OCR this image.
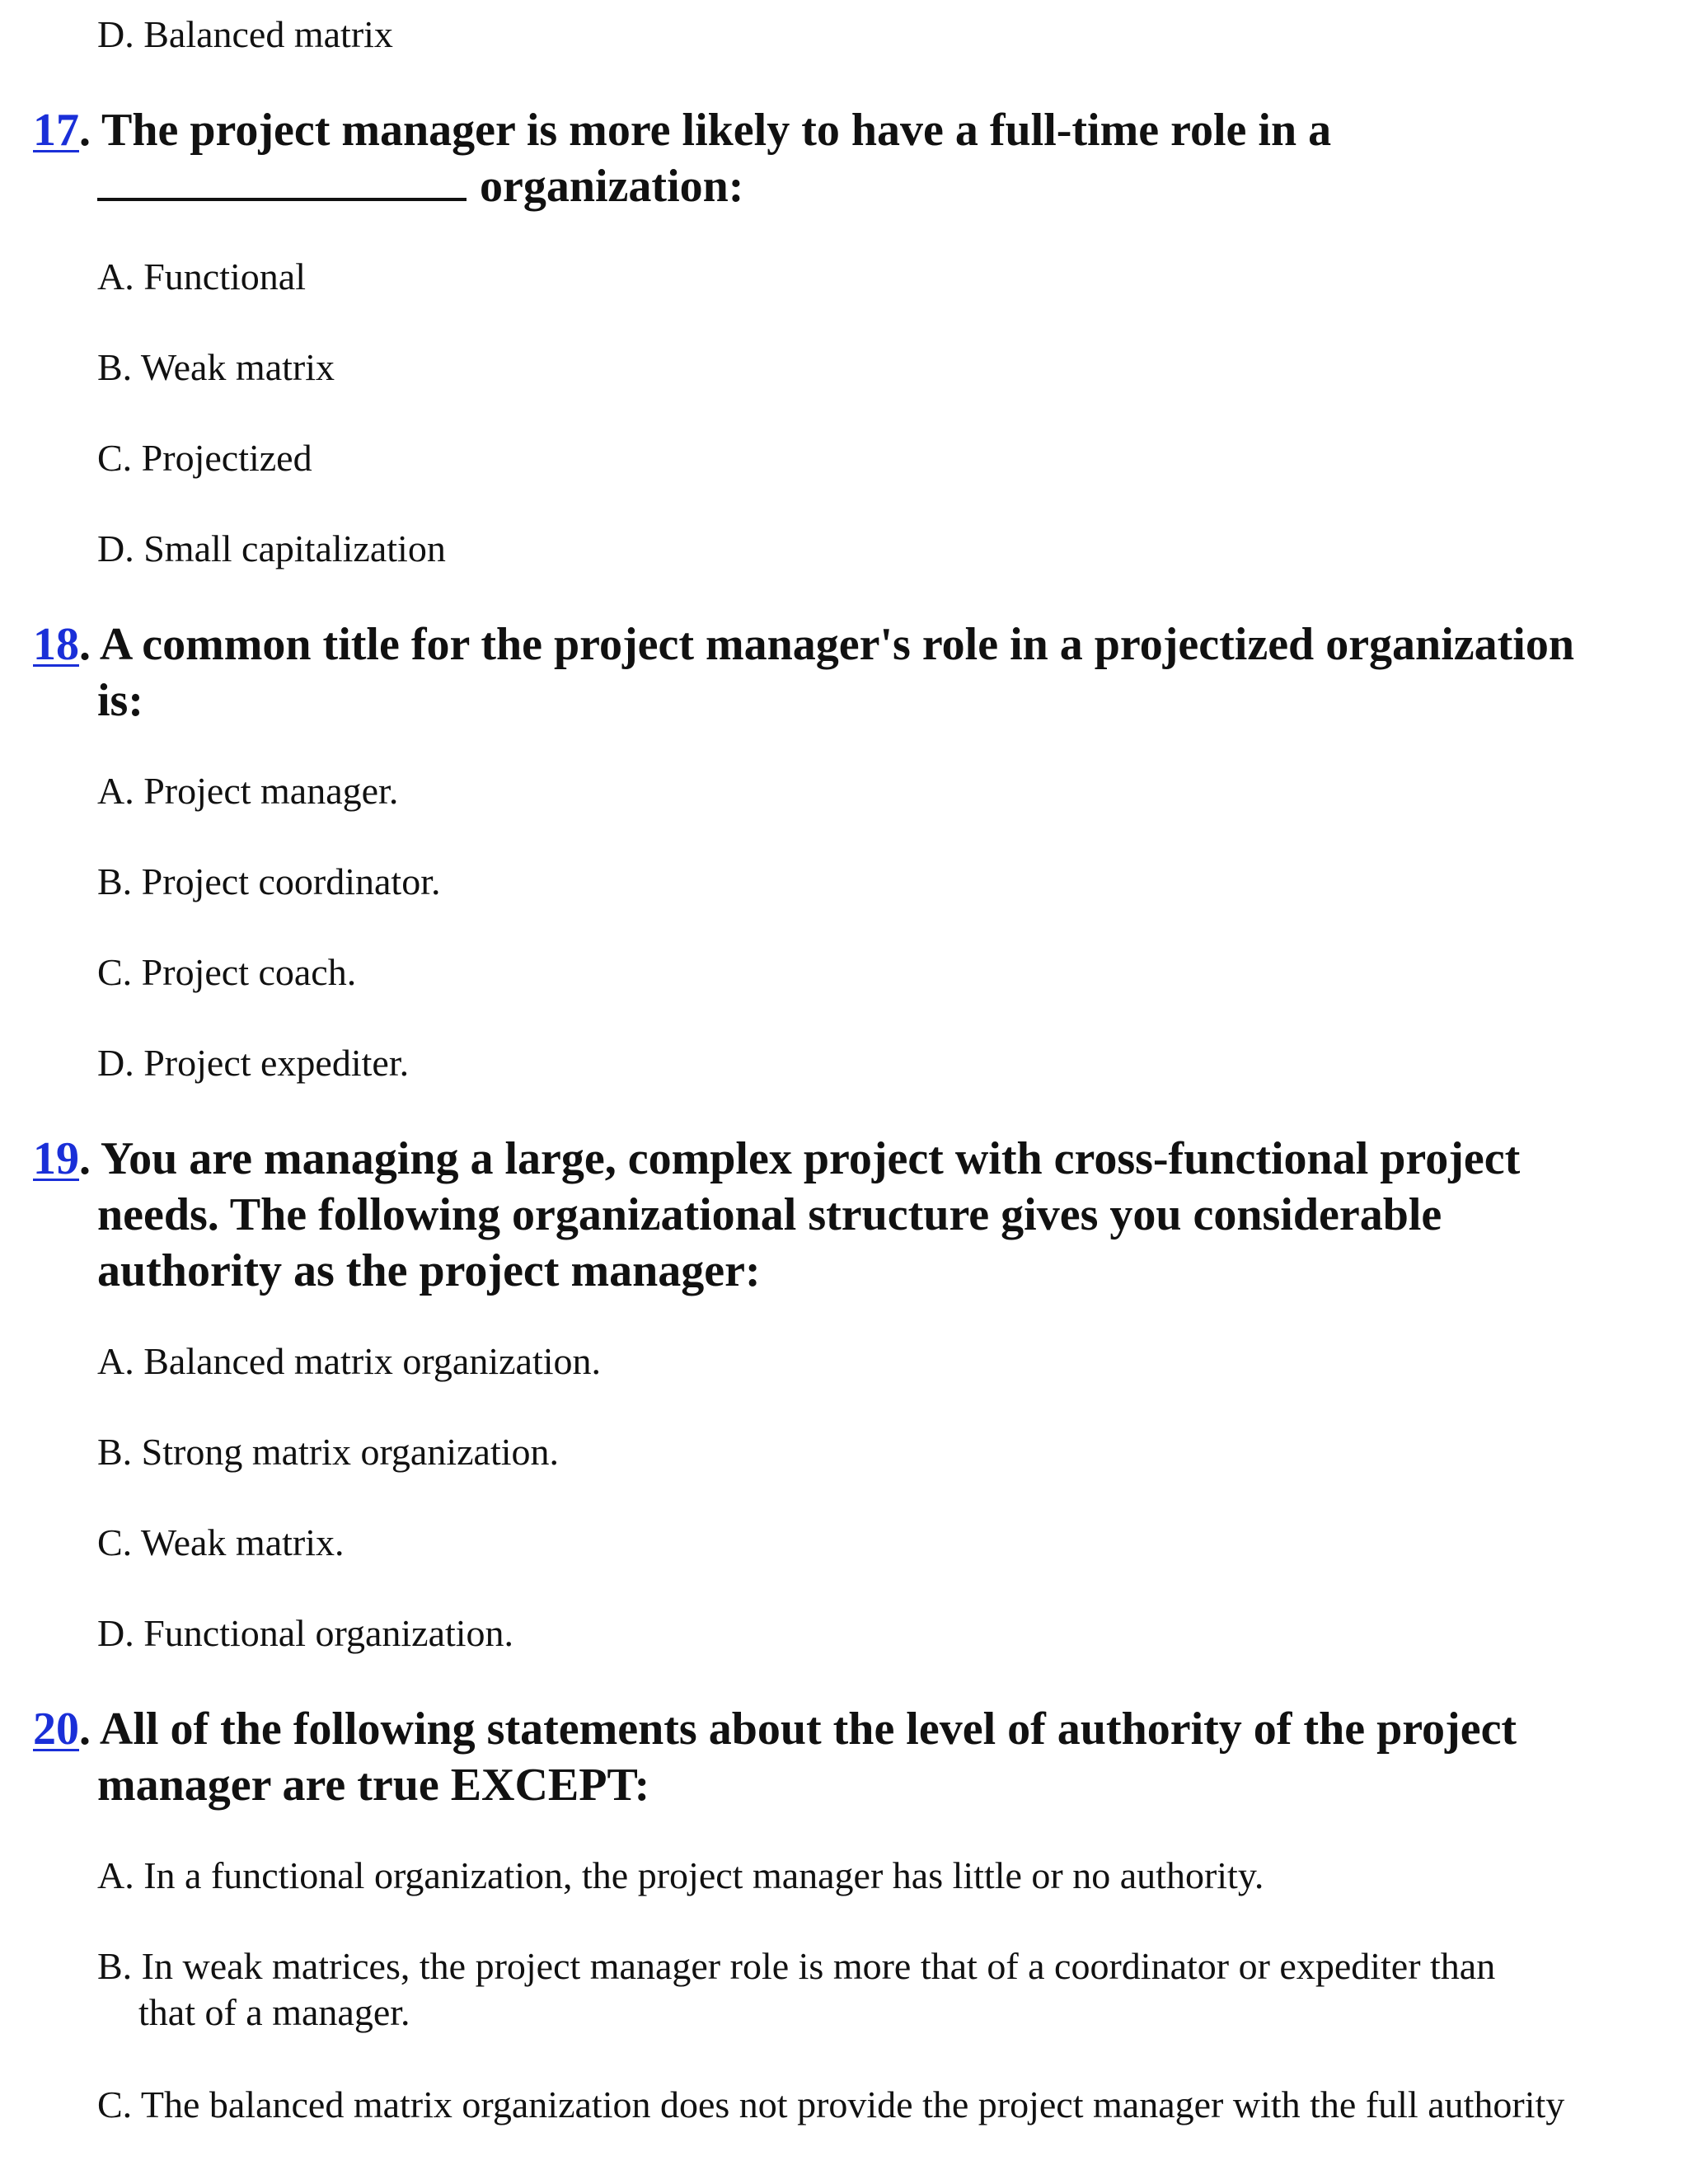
D. Balanced matrix

17. The project manager is more likely to have a full-time role in a
organization:

A. Functional

B. Weak matrix

C. Projectized

D. Small capitalization

18. A common title for the project manager's role in a projectized organization
is:

A. Project manager.

B. Project coordinator.

C. Project coach.

D. Project expediter.

19. You are managing a large, complex project with cross-functional project
needs. The following organizational structure gives you considerable
authority as the project manager:

A. Balanced matrix organization.

B. Strong matrix organization.

C. Weak matrix.

D. Functional organization.

20. All of the following statements about the level of authority of the project
manager are true EXCEPT:

A. In a functional organization, the project manager has little or no authority.

B. In weak matrices, the project manager role is more that of a coordinator or expediter than
that of a manager.

C. The balanced matrix organization does not provide the project manager with the full authority
